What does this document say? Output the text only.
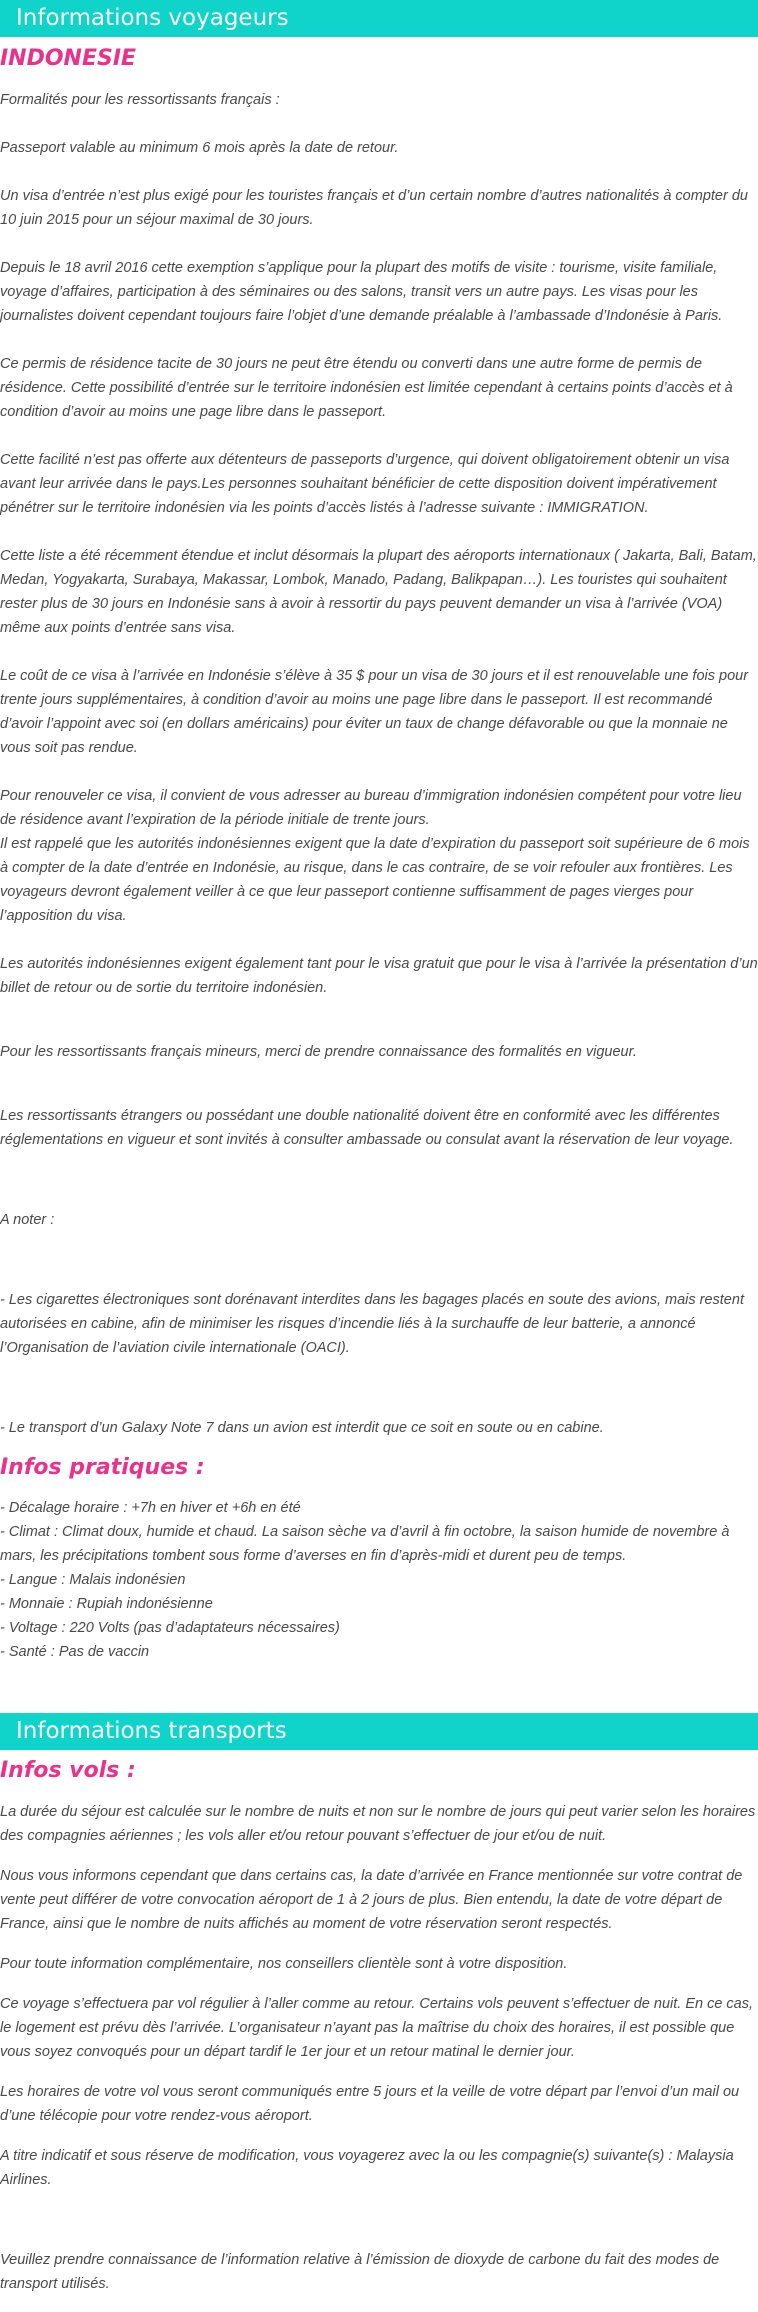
Informations voyageurs
INDONESIE
Formalités pour les ressortissants français :
Passeport valable au minimum 6 mois après la date de retour.
Un visa d’entrée n’est plus exigé pour les touristes français et d’un certain nombre d’autres nationalités à compter du 10 juin 2015 pour un séjour maximal de 30 jours.
Depuis le 18 avril 2016 cette exemption s’applique pour la plupart des motifs de visite : tourisme, visite familiale, voyage d’affaires, participation à des séminaires ou des salons, transit vers un autre pays. Les visas pour les journalistes doivent cependant toujours faire l’objet d’une demande préalable à l’ambassade d’Indonésie à Paris.
Ce permis de résidence tacite de 30 jours ne peut être étendu ou converti dans une autre forme de permis de résidence. Cette possibilité d’entrée sur le territoire indonésien est limitée cependant à certains points d’accès et à condition d’avoir au moins une page libre dans le passeport.
Cette facilité n’est pas offerte aux détenteurs de passeports d’urgence, qui doivent obligatoirement obtenir un visa avant leur arrivée dans le pays.Les personnes souhaitant bénéficier de cette disposition doivent impérativement pénétrer sur le territoire indonésien via les points d’accès listés à l’adresse suivante : IMMIGRATION.
Cette liste a été récemment étendue et inclut désormais la plupart des aéroports internationaux ( Jakarta, Bali, Batam, Medan, Yogyakarta, Surabaya, Makassar, Lombok, Manado, Padang, Balikpapan…). Les touristes qui souhaitent rester plus de 30 jours en Indonésie sans à avoir à ressortir du pays peuvent demander un visa à l’arrivée (VOA) même aux points d’entrée sans visa.
Le coût de ce visa à l’arrivée en Indonésie s’élève à 35 $ pour un visa de 30 jours et il est renouvelable une fois pour trente jours supplémentaires, à condition d’avoir au moins une page libre dans le passeport. Il est recommandé d’avoir l’appoint avec soi (en dollars américains) pour éviter un taux de change défavorable ou que la monnaie ne vous soit pas rendue.
Pour renouveler ce visa, il convient de vous adresser au bureau d’immigration indonésien compétent pour votre lieu de résidence avant l’expiration de la période initiale de trente jours.
Il est rappelé que les autorités indonésiennes exigent que la date d’expiration du passeport soit supérieure de 6 mois à compter de la date d’entrée en Indonésie, au risque, dans le cas contraire, de se voir refouler aux frontières. Les voyageurs devront également veiller à ce que leur passeport contienne suffisamment de pages vierges pour l’apposition du visa.
Les autorités indonésiennes exigent également tant pour le visa gratuit que pour le visa à l’arrivée la présentation d’un billet de retour ou de sortie du territoire indonésien.
Pour les ressortissants français mineurs, merci de prendre connaissance des formalités en vigueur.
Les ressortissants étrangers ou possédant une double nationalité doivent être en conformité avec les différentes réglementations en vigueur et sont invités à consulter ambassade ou consulat avant la réservation de leur voyage.
A noter :
- Les cigarettes électroniques sont dorénavant interdites dans les bagages placés en soute des avions, mais restent autorisées en cabine, afin de minimiser les risques d’incendie liés à la surchauffe de leur batterie, a annoncé l’Organisation de l’aviation civile internationale (OACI).
- Le transport d’un Galaxy Note 7 dans un avion est interdit que ce soit en soute ou en cabine.
Infos pratiques :
- Décalage horaire : +7h en hiver et +6h en été
- Climat : Climat doux, humide et chaud. La saison sèche va d’avril à fin octobre, la saison humide de novembre à mars, les précipitations tombent sous forme d’averses en fin d’après-midi et durent peu de temps.
- Langue : Malais indonésien
- Monnaie : Rupiah indonésienne
- Voltage : 220 Volts (pas d’adaptateurs nécessaires)
- Santé : Pas de vaccin
Informations transports
Infos vols :
La durée du séjour est calculée sur le nombre de nuits et non sur le nombre de jours qui peut varier selon les horaires des compagnies aériennes ; les vols aller et/ou retour pouvant s’effectuer de jour et/ou de nuit.
Nous vous informons cependant que dans certains cas, la date d’arrivée en France mentionnée sur votre contrat de vente peut différer de votre convocation aéroport de 1 à 2 jours de plus. Bien entendu, la date de votre départ de France, ainsi que le nombre de nuits affichés au moment de votre réservation seront respectés.
Pour toute information complémentaire, nos conseillers clientèle sont à votre disposition.
Ce voyage s’effectuera par vol régulier à l’aller comme au retour. Certains vols peuvent s’effectuer de nuit. En ce cas, le logement est prévu dès l’arrivée. L’organisateur n’ayant pas la maîtrise du choix des horaires, il est possible que vous soyez convoqués pour un départ tardif le 1er jour et un retour matinal le dernier jour.
Les horaires de votre vol vous seront communiqués entre 5 jours et la veille de votre départ par l’envoi d’un mail ou d’une télécopie pour votre rendez-vous aéroport.
A titre indicatif et sous réserve de modification, vous voyagerez avec la ou les compagnie(s) suivante(s) : Malaysia Airlines.
Veuillez prendre connaissance de l’information relative à l’émission de dioxyde de carbone du fait des modes de transport utilisés.
